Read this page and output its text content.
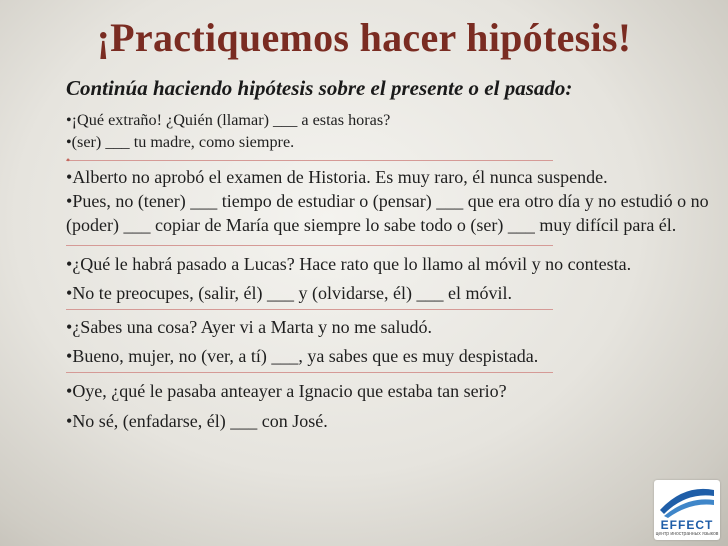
¡Practiquemos hacer hipótesis!
Continúa haciendo hipótesis sobre el presente o el pasado:
•¡Qué extraño! ¿Quién (llamar) ___ a estas horas?
•(ser) ___ tu madre, como siempre.
•
•Alberto no aprobó el examen de Historia. Es muy raro, él nunca suspende.
•Pues, no (tener) ___ tiempo de estudiar o (pensar) ___ que era otro día y no estudió o no (poder) ___ copiar de María que siempre lo sabe todo o (ser) ___ muy difícil para él.
•¿Qué le habrá pasado a Lucas? Hace rato que lo llamo al móvil y no contesta.
•No te preocupes, (salir, él) ___ y (olvidarse, él) ___ el móvil.
•¿Sabes una cosa? Ayer vi a Marta y no me saludó.
•Bueno, mujer, no (ver, a tí) ___, ya sabes que es muy despistada.
•Oye, ¿qué le pasaba anteayer a Ignacio que estaba tan serio?
•No sé, (enfadarse, él) ___ con José.
EFFECT
центр иностранных языков
